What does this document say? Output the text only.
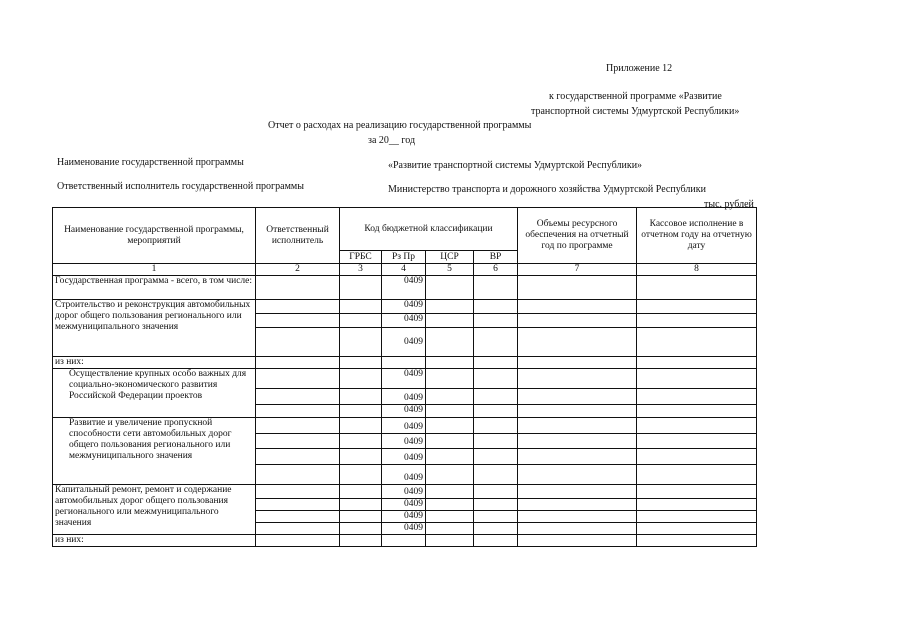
Приложение 12
к государственной программе «Развитие
транспортной системы Удмуртской Республики»
Отчет о расходах на реализацию государственной программы
за 20__ год
Наименование государственной программы	«Развитие транспортной системы Удмуртской Республики»
Ответственный исполнитель государственной программы	Министерство транспорта и дорожного хозяйства Удмуртской Республики
тыс. рублей
Наименование государственной программы, мероприятий	Ответственный исполнитель	Код бюджетной классификации				Объемы ресурсного обеспечения на отчетный год по программе	Кассовое исполнение в отчетном году на отчетную дату
		ГРБС	Рз Пр	ЦСР	ВР		
1	2	3	4	5	6	7	8
Государственная программа - всего, в том числе:			0409				
Строительство и реконструкция автомобильных дорог общего пользования регионального или межмуниципального значения			0409				
			0409				
			0409				
из них:							
Осуществление крупных особо важных для социально-экономического развития Российской Федерации проектов			0409				
			0409				
			0409				
Развитие и увеличение пропускной способности сети автомобильных дорог общего пользования регионального или межмуниципального значения			0409				
			0409				
			0409				
			0409				
Капитальный ремонт, ремонт и содержание автомобильных дорог общего пользования регионального или межмуниципального значения			0409				
			0409				
			0409				
			0409				
из них:							
